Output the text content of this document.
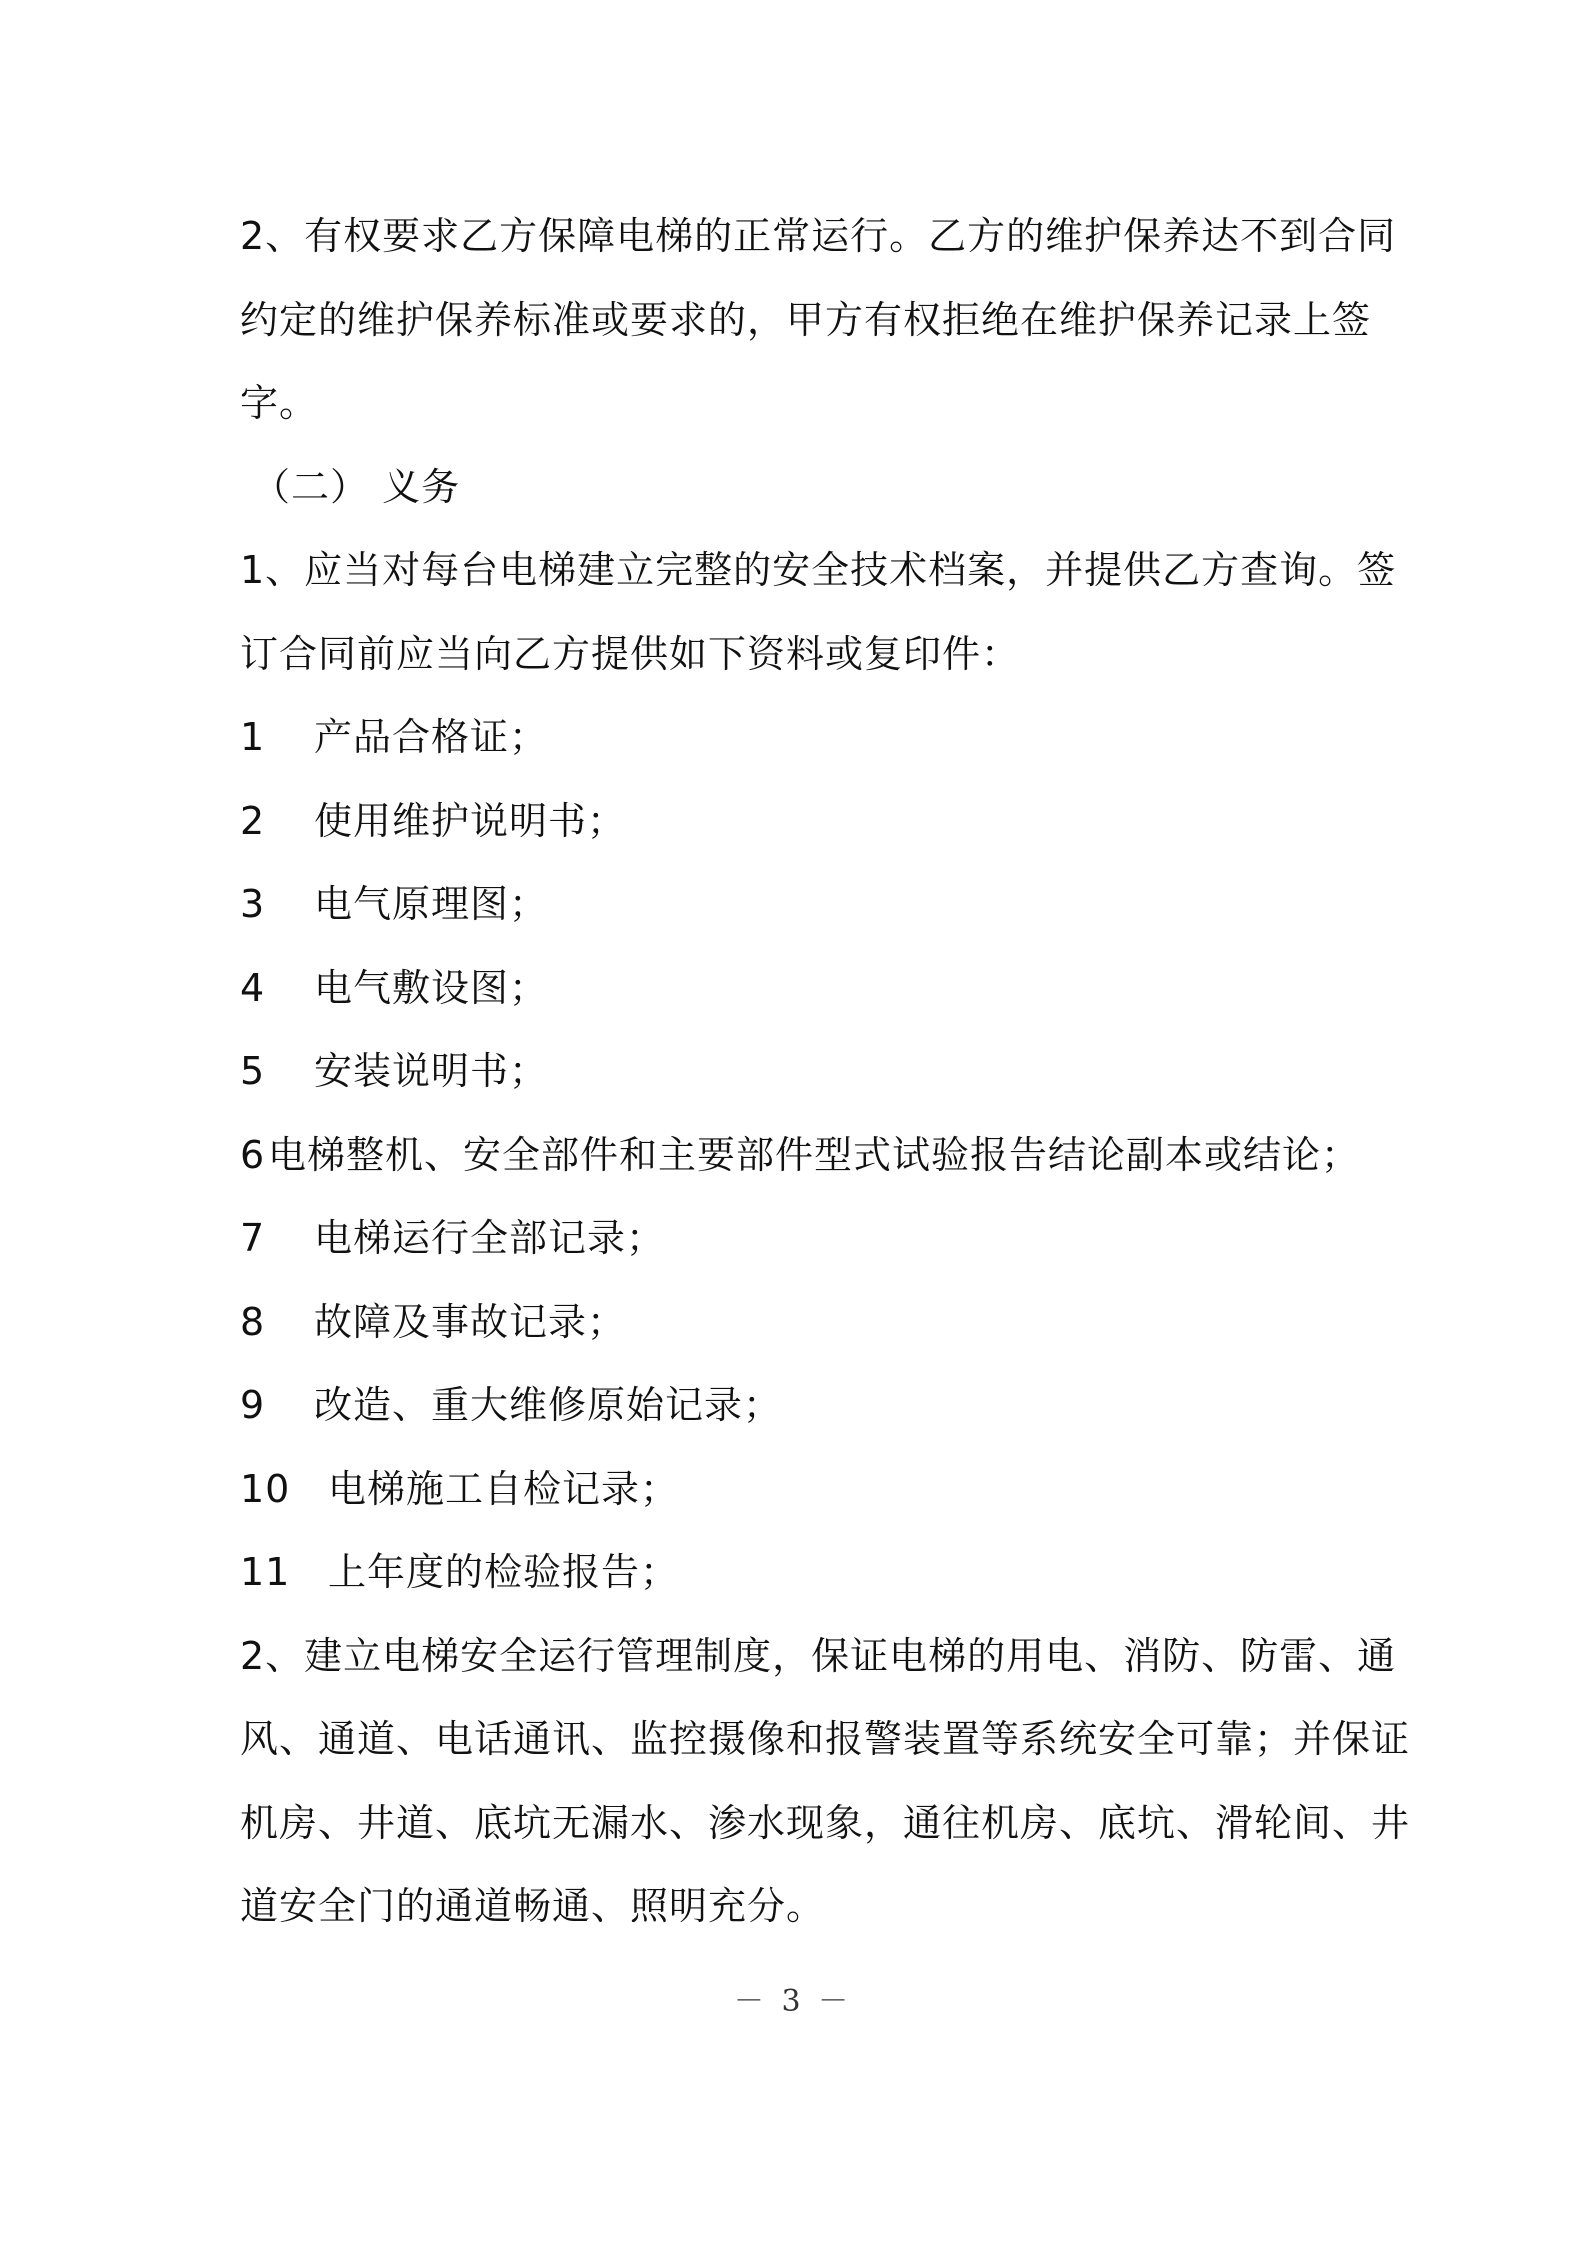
2、有权要求乙方保障电梯的正常运行。乙方的维护保养达不到合同
约定的维护保养标准或要求的，甲方有权拒绝在维护保养记录上签
字。
（二） 义务
1、应当对每台电梯建立完整的安全技术档案，并提供乙方查询。签
订合同前应当向乙方提供如下资料或复印件：
1	产品合格证；
2	使用维护说明书；
3	电气原理图；
4	电气敷设图；
5	安装说明书；
6 电梯整机、安全部件和主要部件型式试验报告结论副本或结论；
7	电梯运行全部记录；
8	故障及事故记录；
9	改造、重大维修原始记录；
10 电梯施工自检记录；
11 上年度的检验报告；
2、建立电梯安全运行管理制度，保证电梯的用电、消防、防雷、通
风、通道、电话通讯、监控摄像和报警装置等系统安全可靠；并保证
机房、井道、底坑无漏水、渗水现象，通往机房、底坑、滑轮间、井
道安全门的通道畅通、照明充分。
－ 3 －
